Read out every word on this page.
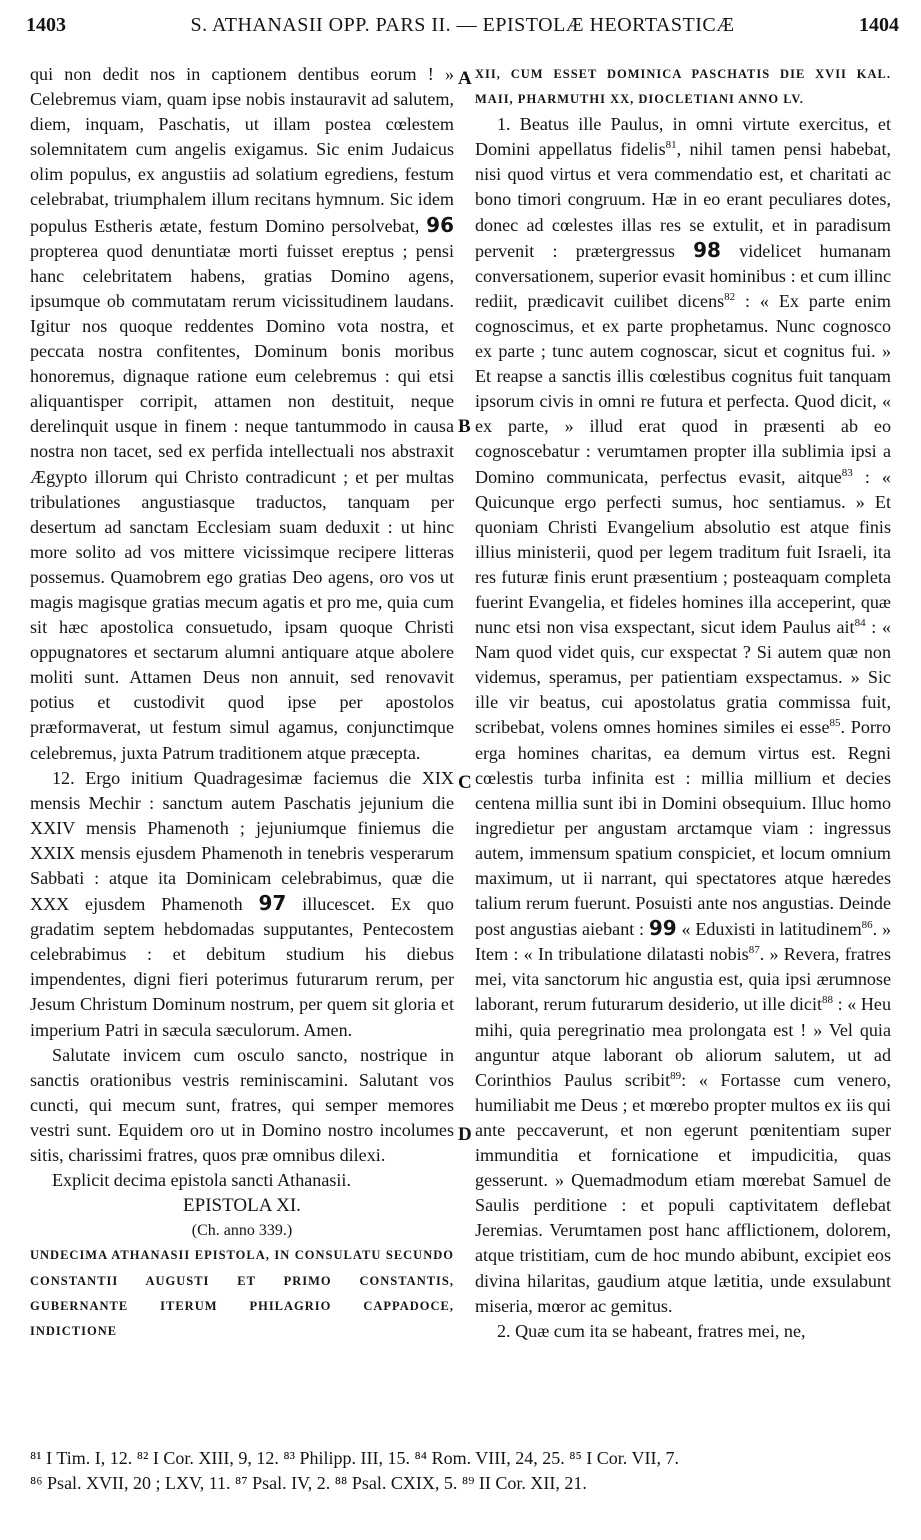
1403	S. ATHANASII OPP. PARS II. — EPISTOLÆ HEORTASTICÆ	1404
A
B
C
D

qui non dedit nos in captionem dentibus eorum ! » Celebremus viam, quam ipse nobis instauravit ad salutem, diem, inquam, Paschatis, ut illam postea cœlestem solemnitatem cum angelis exigamus. Sic enim Judaicus olim populus, ex angustiis ad solatium egrediens, festum celebrabat, triumphalem illum recitans hymnum. Sic idem populus Estheris ætate, festum Domino persolvebat, 96 propterea quod denuntiatæ morti fuisset ereptus ; pensi hanc celebritatem habens, gratias Domino agens, ipsumque ob commutatam rerum vicissitudinem laudans. Igitur nos quoque reddentes Domino vota nostra, et peccata nostra confitentes, Dominum bonis moribus honoremus, dignaque ratione eum celebremus : qui etsi aliquantisper corripit, attamen non destituit, neque derelinquit usque in finem : neque tantummodo in causa nostra non tacet, sed ex perfida intellectuali nos abstraxit Ægypto illorum qui Christo contradicunt ; et per multas tribulationes angustiasque traductos, tanquam per desertum ad sanctam Ecclesiam suam deduxit : ut hinc more solito ad vos mittere vicissimque recipere litteras possemus. Quamobrem ego gratias Deo agens, oro vos ut magis magisque gratias mecum agatis et pro me, quia cum sit hæc apostolica consuetudo, ipsam quoque Christi oppugnatores et sectarum alumni antiquare atque abolere moliti sunt. Attamen Deus non annuit, sed renovavit potius et custodivit quod ipse per apostolos præformaverat, ut festum simul agamus, conjunctimque celebremus, juxta Patrum traditionem atque præcepta.

12. Ergo initium Quadragesimæ faciemus die XIX mensis Mechir : sanctum autem Paschatis jejunium die XXIV mensis Phamenoth ; jejuniumque finiemus die XXIX mensis ejusdem Phamenoth in tenebris vesperarum Sabbati : atque ita Dominicam celebrabimus, quæ die XXX ejusdem Phamenoth 97 illucescet. Ex quo gradatim septem hebdomadas supputantes, Pentecostem celebrabimus : et debitum studium his diebus impendentes, digni fieri poterimus futurarum rerum, per Jesum Christum Dominum nostrum, per quem sit gloria et imperium Patri in sæcula sæculorum. Amen.

Salutate invicem cum osculo sancto, nostrique in sanctis orationibus vestris reminiscamini. Salutant vos cuncti, qui mecum sunt, fratres, qui semper memores vestri sunt. Equidem oro ut in Domino nostro incolumes sitis, charissimi fratres, quos præ omnibus dilexi.

Explicit decima epistola sancti Athanasii.

EPISTOLA XI.

(Ch. anno 339.)

UNDECIMA ATHANASII EPISTOLA, IN CONSULATU SECUNDO CONSTANTII AUGUSTI ET PRIMO CONSTANTIS, GUBERNANTE ITERUM PHILAGRIO CAPPADOCE, INDICTIONE

XII, CUM ESSET DOMINICA PASCHATIS DIE XVII KAL. MAII, PHARMUTHI XX, DIOCLETIANI ANNO LV.

1. Beatus ille Paulus, in omni virtute exercitus, et Domini appellatus fidelis$^{81}$, nihil tamen pensi habebat, nisi quod virtus et vera commendatio est, et charitati ac bono timori congruum. Hæ in eo erant peculiares dotes, donec ad cœlestes illas res se extulit, et in paradisum pervenit : prætergressus 98 videlicet humanam conversationem, superior evasit hominibus : et cum illinc rediit, prædicavit cuilibet dicens$^{82}$ : « Ex parte enim cognoscimus, et ex parte prophetamus. Nunc cognosco ex parte ; tunc autem cognoscar, sicut et cognitus fui. » Et reapse a sanctis illis cœlestibus cognitus fuit tanquam ipsorum civis in omni re futura et perfecta. Quod dicit, « ex parte, » illud erat quod in præsenti ab eo cognoscebatur : verumtamen propter illa sublimia ipsi a Domino communicata, perfectus evasit, aitque$^{83}$ : « Quicunque ergo perfecti sumus, hoc sentiamus. » Et quoniam Christi Evangelium absolutio est atque finis illius ministerii, quod per legem traditum fuit Israeli, ita res futuræ finis erunt præsentium ; posteaquam completa fuerint Evangelia, et fideles homines illa acceperint, quæ nunc etsi non visa exspectant, sicut idem Paulus ait$^{84}$ : « Nam quod videt quis, cur exspectat ? Si autem quæ non videmus, speramus, per patientiam exspectamus. » Sic ille vir beatus, cui apostolatus gratia commissa fuit, scribebat, volens omnes homines similes ei esse$^{85}$. Porro erga homines charitas, ea demum virtus est. Regni cœlestis turba infinita est : millia millium et decies centena millia sunt ibi in Domini obsequium. Illuc homo ingredietur per angustam arctamque viam : ingressus autem, immensum spatium conspiciet, et locum omnium maximum, ut ii narrant, qui spectatores atque hæredes talium rerum fuerunt. Posuisti ante nos angustias. Deinde post angustias aiebant : 99 « Eduxisti in latitudinem$^{86}$. » Item : « In tribulatione dilatasti nobis$^{87}$. » Revera, fratres mei, vita sanctorum hic angustia est, quia ipsi ærumnose laborant, rerum futurarum desiderio, ut ille dicit$^{88}$ : « Heu mihi, quia peregrinatio mea prolongata est ! » Vel quia anguntur atque laborant ob aliorum salutem, ut ad Corinthios Paulus scribit$^{89}$: « Fortasse cum venero, humiliabit me Deus ; et mœrebo propter multos ex iis qui ante peccaverunt, et non egerunt pœnitentiam super immunditia et fornicatione et impudicitia, quas gesserunt. » Quemadmodum etiam mœrebat Samuel de Saulis perditione : et populi captivitatem deflebat Jeremias. Verumtamen post hanc afflictionem, dolorem, atque tristitiam, cum de hoc mundo abibunt, excipiet eos divina hilaritas, gaudium atque lætitia, unde exsulabunt miseria, mœror ac gemitus.

2. Quæ cum ita se habeant, fratres mei, ne,

⁸¹ I Tim. I, 12. ⁸² I Cor. XIII, 9, 12. ⁸³ Philipp. III, 15. ⁸⁴ Rom. VIII, 24, 25. ⁸⁵ I Cor. VII, 7.
⁸⁶ Psal. XVII, 20 ; LXV, 11. ⁸⁷ Psal. IV, 2. ⁸⁸ Psal. CXIX, 5. ⁸⁹ II Cor. XII, 21.
